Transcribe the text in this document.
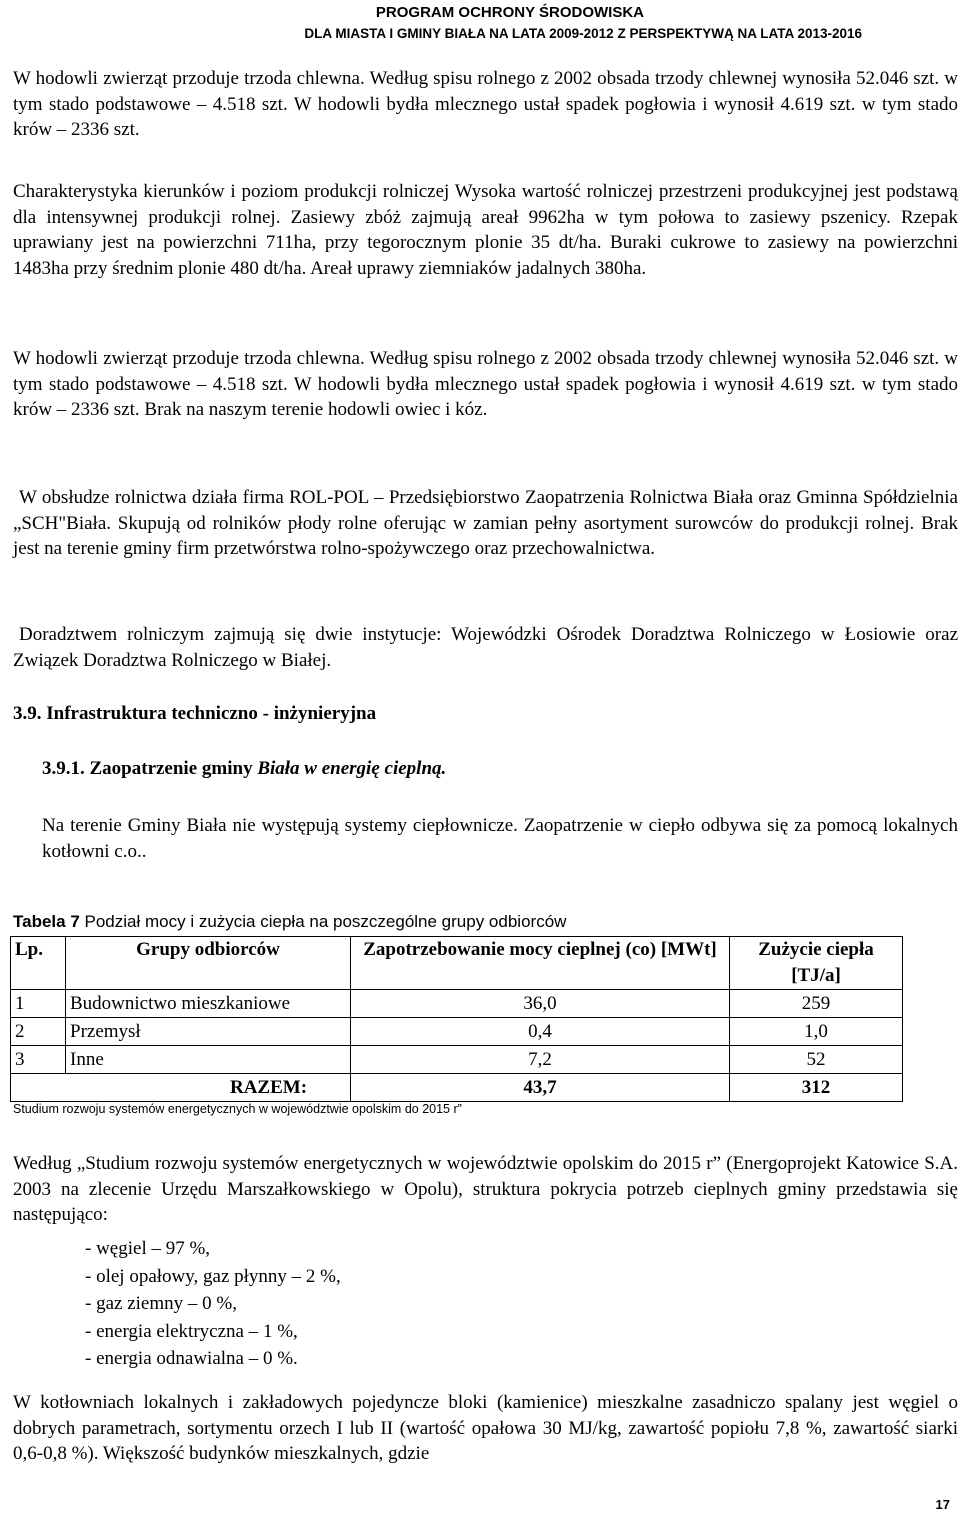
PROGRAM OCHRONY ŚRODOWISKA
DLA MIASTA I GMINY BIAŁA NA LATA 2009-2012 Z PERSPEKTYWĄ NA LATA 2013-2016

W hodowli zwierząt przoduje trzoda chlewna. Według spisu rolnego z 2002 obsada trzody chlewnej wynosiła 52.046 szt. w tym stado podstawowe – 4.518 szt. W hodowli bydła mlecznego ustał spadek pogłowia i wynosił 4.619 szt. w tym stado krów – 2336 szt.

Charakterystyka kierunków i poziom produkcji rolniczej Wysoka wartość rolniczej przestrzeni produkcyjnej jest podstawą dla intensywnej produkcji rolnej. Zasiewy zbóż zajmują areał 9962ha w tym połowa to zasiewy pszenicy. Rzepak uprawiany jest na powierzchni 711ha, przy tegorocznym plonie 35 dt/ha. Buraki cukrowe to zasiewy na powierzchni 1483ha przy średnim plonie 480 dt/ha. Areał uprawy ziemniaków jadalnych 380ha.

W hodowli zwierząt przoduje trzoda chlewna. Według spisu rolnego z 2002 obsada trzody chlewnej wynosiła 52.046 szt. w tym stado podstawowe – 4.518 szt. W hodowli bydła mlecznego ustał spadek pogłowia i wynosił 4.619 szt. w tym stado krów – 2336 szt. Brak na naszym terenie hodowli owiec i kóz.

W obsłudze rolnictwa działa firma ROL-POL – Przedsiębiorstwo Zaopatrzenia Rolnictwa Biała oraz Gminna Spółdzielnia „SCH"Biała. Skupują od rolników płody rolne oferując w zamian pełny asortyment surowców do produkcji rolnej. Brak jest na terenie gminy firm przetwórstwa rolno-spożywczego oraz przechowalnictwa.

Doradztwem rolniczym zajmują się dwie instytucje: Wojewódzki Ośrodek Doradztwa Rolniczego w Łosiowie oraz Związek Doradztwa Rolniczego w Białej.

3.9. Infrastruktura techniczno - inżynieryjna
3.9.1. Zaopatrzenie gminy Biała w energię cieplną.

Na terenie Gminy Biała nie występują systemy ciepłownicze. Zaopatrzenie w ciepło odbywa się za pomocą lokalnych kotłowni c.o..

Tabela 7 Podział mocy i zużycia ciepła na poszczególne grupy odbiorców
Lp.	Grupy odbiorców	Zapotrzebowanie mocy cieplnej (co) [MWt]	Zużycie ciepła [TJ/a]
1	Budownictwo mieszkaniowe	36,0	259
2	Przemysł	0,4	1,0
3	Inne	7,2	52
RAZEM:		43,7	312
Studium rozwoju systemów energetycznych w województwie opolskim do 2015 r”

Według „Studium rozwoju systemów energetycznych w województwie opolskim do 2015 r” (Energoprojekt Katowice S.A. 2003 na zlecenie Urzędu Marszałkowskiego w Opolu), struktura pokrycia potrzeb cieplnych gminy przedstawia się następująco:

- węgiel – 97 %,
- olej opałowy, gaz płynny – 2 %,
- gaz ziemny – 0 %,
- energia elektryczna – 1 %,
- energia odnawialna – 0 %.

W kotłowniach lokalnych i zakładowych pojedyncze bloki (kamienice) mieszkalne zasadniczo spalany jest węgiel o dobrych parametrach, sortymentu orzech I lub II (wartość opałowa 30 MJ/kg, zawartość popiołu 7,8 %, zawartość siarki 0,6-0,8 %). Większość budynków mieszkalnych, gdzie

17
